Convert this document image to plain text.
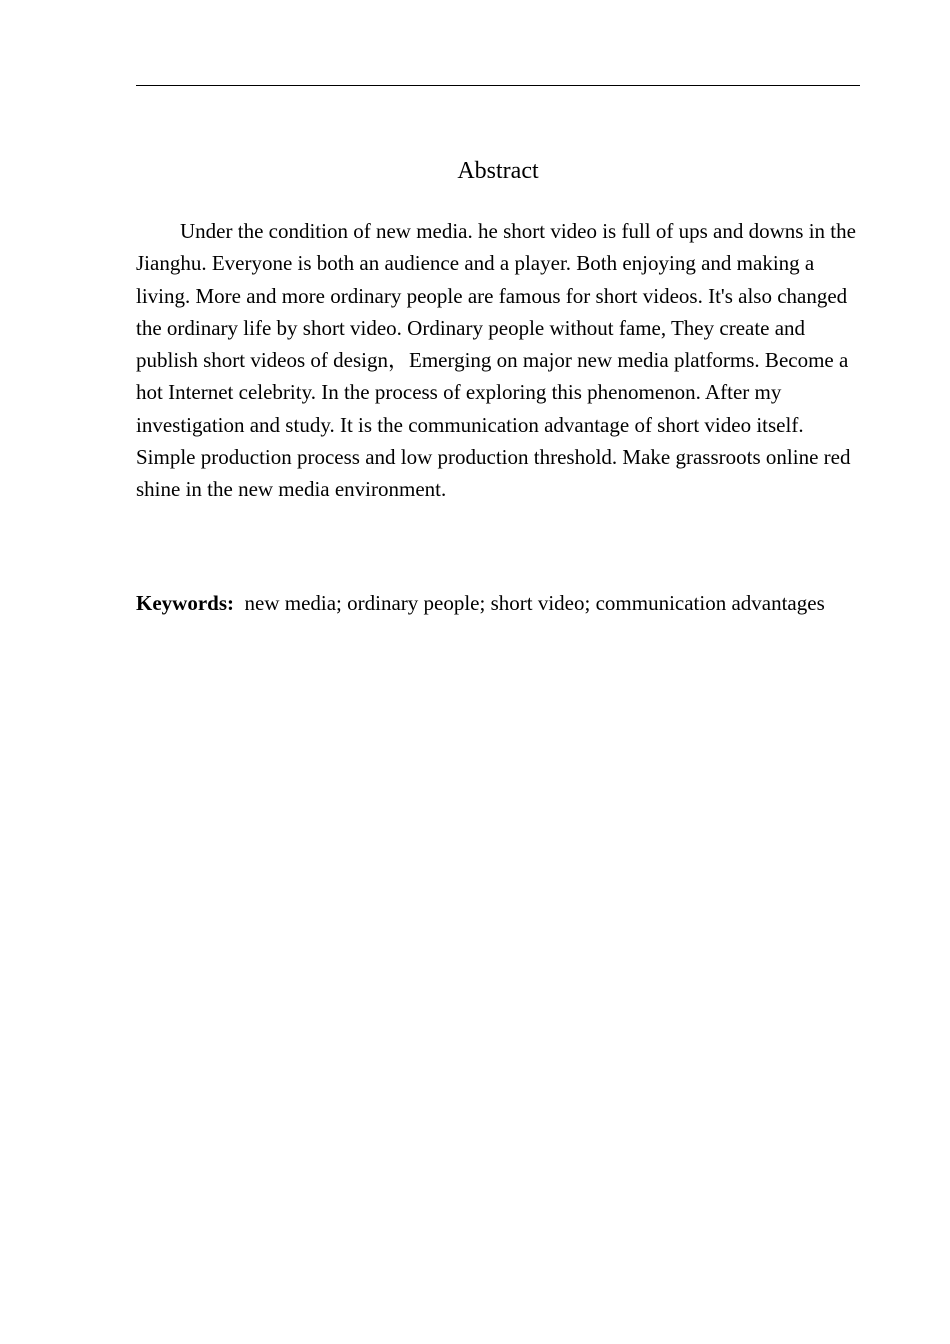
Abstract

Under the condition of new media. he short video is full of ups and downs in the Jianghu. Everyone is both an audience and a player. Both enjoying and making a living. More and more ordinary people are famous for short videos. It's also changed the ordinary life by short video. Ordinary people without fame, They create and publish short videos of design，Emerging on major new media platforms. Become a hot Internet celebrity. In the process of exploring this phenomenon. After my investigation and study. It is the communication advantage of short video itself. Simple production process and low production threshold. Make grassroots online red shine in the new media environment.

Keywords: new media; ordinary people; short video; communication advantages
